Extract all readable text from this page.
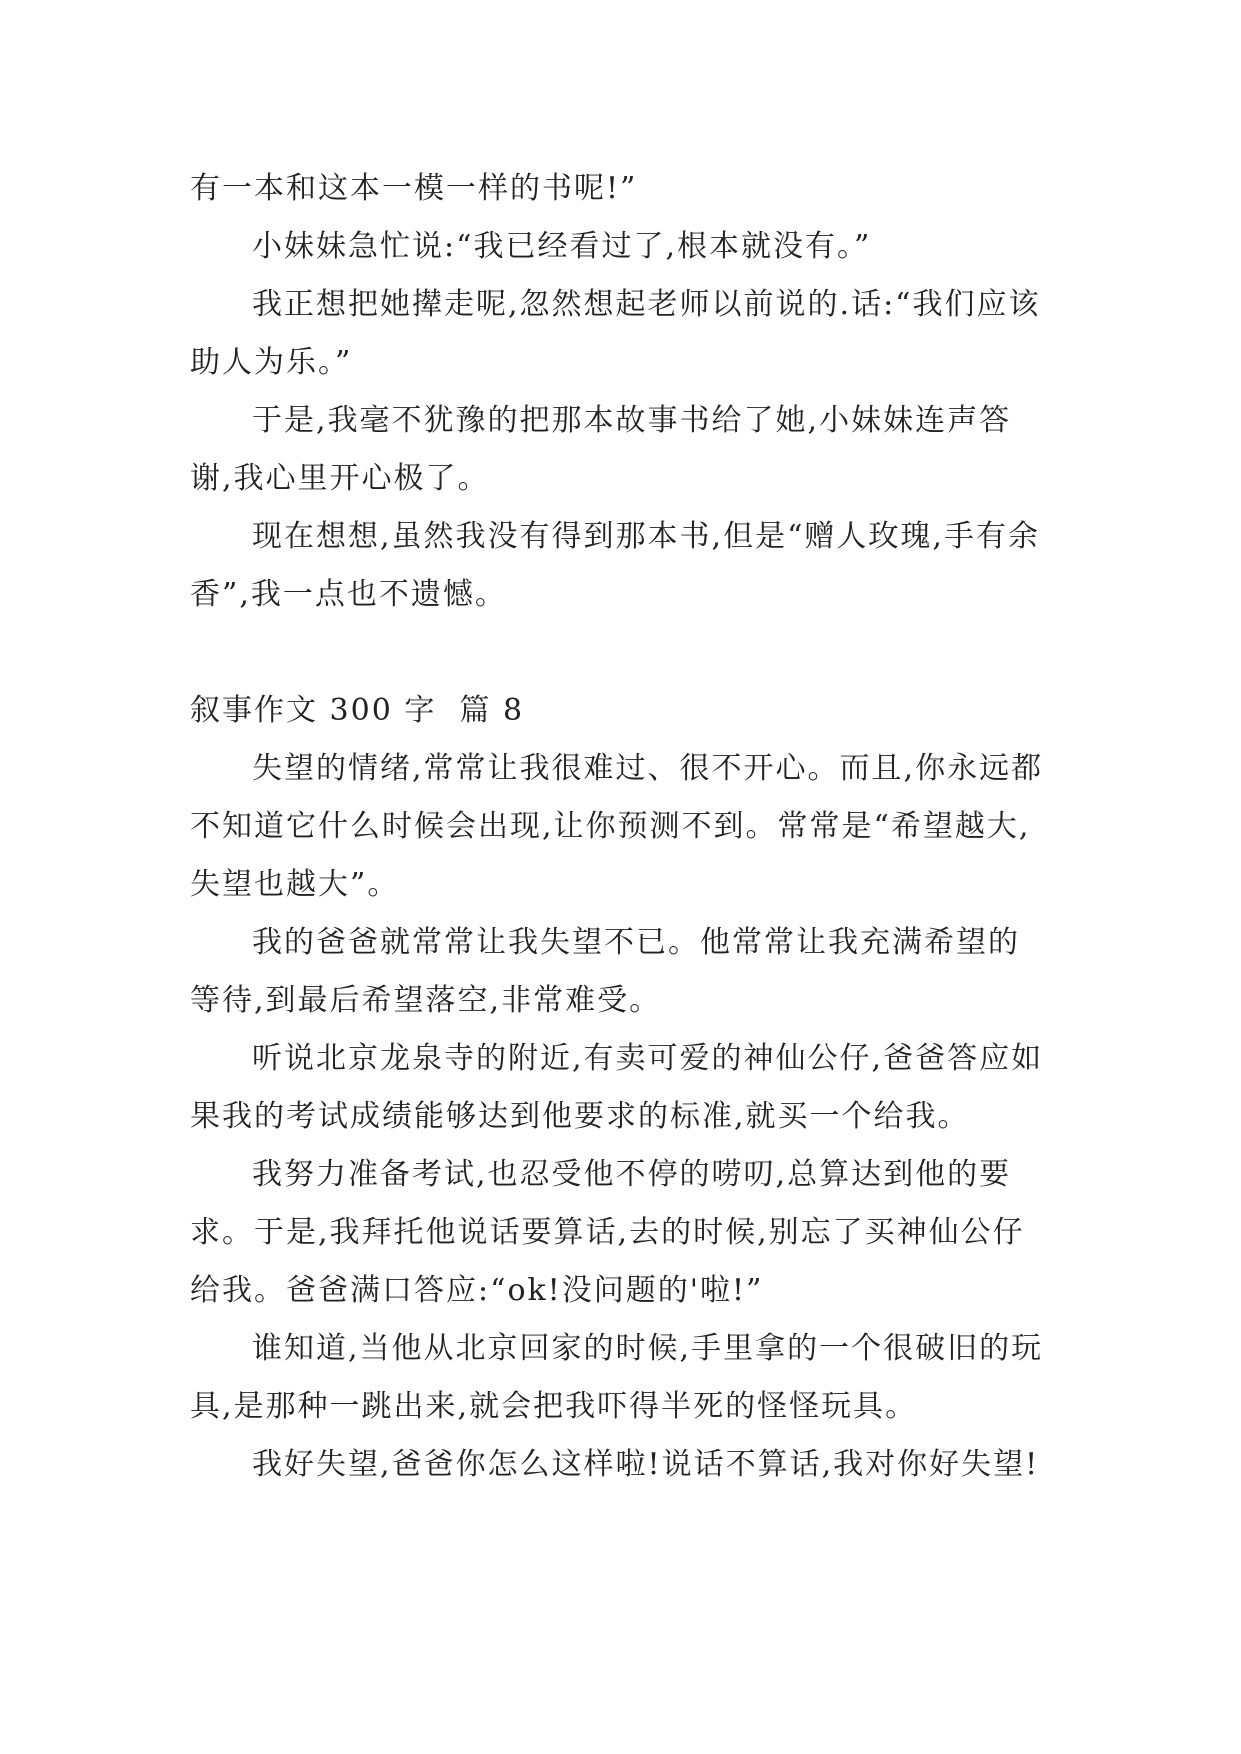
有一本和这本一模一样的书呢!”

小妹妹急忙说:“我已经看过了,根本就没有。”

我正想把她撵走呢,忽然想起老师以前说的.话:“我们应该助人为乐。”

于是,我毫不犹豫的把那本故事书给了她,小妹妹连声答谢,我心里开心极了。

现在想想,虽然我没有得到那本书,但是“赠人玫瑰,手有余香”,我一点也不遗憾。

叙事作文 300 字  篇 8

失望的情绪,常常让我很难过、很不开心。而且,你永远都不知道它什么时候会出现,让你预测不到。常常是“希望越大,失望也越大”。

我的爸爸就常常让我失望不已。他常常让我充满希望的等待,到最后希望落空,非常难受。

听说北京龙泉寺的附近,有卖可爱的神仙公仔,爸爸答应如果我的考试成绩能够达到他要求的标准,就买一个给我。

我努力准备考试,也忍受他不停的唠叨,总算达到他的要求。于是,我拜托他说话要算话,去的时候,别忘了买神仙公仔给我。爸爸满口答应:“ok!没问题的'啦!”

谁知道,当他从北京回家的时候,手里拿的一个很破旧的玩具,是那种一跳出来,就会把我吓得半死的怪怪玩具。

我好失望,爸爸你怎么这样啦!说话不算话,我对你好失望!
